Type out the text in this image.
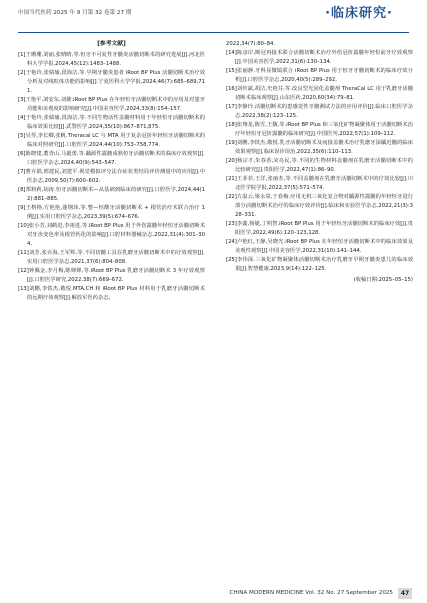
中国当代医药 2025 年 9 月第 32 卷第 27 期	·临床研究·

[参考文献]

[1]王珊珊,刘丽,张晴晴,等.恒牙不可复性牙髓炎活髓切断术的研究进展[J].河北医科大学学报,2024,45(12):1483–1488.

[2]于艳玲,张婧瑜,段海洁,等.早期牙髓炎患者 iRoot BP Plus 活髓切断术治疗效分析及对线粒体功能的影响[J].宁夏医科大学学报,2024,46(7):685–689,711.

[3]王艳平,刘安东,刘雄.iRoot BP Plus 在年轻恒牙活髓切断术中的应用及对患牙功能和美观度的影响研究[J].中国美容医学,2024,33(8):154–157.

[4]于艳玲,张婧瑜,段海洁,等.不同生物活性盖髓材料用于年轻恒牙活髓切断术的临床效果比较[J].武警医学,2024,35(10):867–871,875.

[5]吴琴,李长卿,张帆.Theracal LC 与 MTA 用于复杂冠折年轻恒牙活髓切断术的临床对照研究[J].口腔医学,2024,44(10):753–758,774.

[6]陈晓建,董青山,马毅蕾,等.龋源性露髓成熟恒牙活髓切断术的临床疗效观察[J].口腔医学杂志,2024,40(9):543–547.

[7]曹卉娟,邢建民,刘建平.视觉模拟评分法在症状类结局评价测量中的应用[J].中医杂志,2009,50(7):600–602.

[8]郑莉莉,胡涛.恒牙活髓切断术—从基础到临床的研究[J].口腔医学,2024,44(12):881–885.

[9]王格格,方艳艳,蓬纲玮,等.整—恒酸牙活髓切断术 + 根管治疗术联合治疗 1 例[J].实用口腔医学杂志,2023,39(5):674–676.

[10]张小芳,刘鹤进,李祖进,等.iRoot BP Plus 用于外伤露髓年轻恒牙活髓切断术对牙齿变色率及根管钙化的影响[J].口腔材料器械杂志,2022,31(4):301–304.

[11]刘芳,张百海,王军辉,等.不同切髓工具在乳磨牙活髓切断术中的疗效观察[J].实用口腔医学杂志,2021,37(6):804–808.

[12]钟佩金,李月梅,陈婵婵,等.iRoot BP Plus 乳磨牙活髓切断术 3 年疗效观察[J].口腔医学研究,2022,38(7):669–672.

[13]刘鹏,李铁杰,敬悦.MTA,CH 和 iRoot BP Plus 材料用于乳磨牙活髓切断术的远期疗效观察[J].解放军医药杂志,

2022,34(7):80–84.

[14]陈彦岸,断冠再接术联合活髓切断术治疗外伤冠折露髓年轻恒前牙疗效观察[J].中国美容医学,2022,31(6):130–134.

[15]张丽静.牙科显微镜联合 iRoot BP Plus 用于恒牙牙髓切断术的临床疗效分析[J].口腔医学杂志,2020,40(5):289–292.

[16]刘传斌,胡洁,史艳芬,等.改良型光固化盖髓剂 TheraCal LC 用于乳磨牙活髓切断术临床观察[J].山东医药,2020,60(34):79–81.

[17]李静玲.活髓切断术的患感觉性牙髓测试方法的应用评价[J].临床口腔医学杂志,2022,38(2):123–125.

[18]张翔龙,陈雪,王馥,等.iRoot BP Plus 和三氧化矿物凝聚体用于活髓切断术治疗年轻恒牙冠折露髓的临床研究[J].中国医刊,2022,57(1):109–112.

[19]刘鹏,李铁杰,敬悦.乳牙活髓切断术及间接盖髓术治疗乳磨牙深龋近髓的临床效果观察[J].临床误诊误治,2022,35(6):110–113.

[20]杨宗才,朱春香,宋亮民,等.不同的生物材料盖髓剂在乳磨牙活髓切断术中的比较研究[J].贵阳医学,2022,47(1):86–90.

[21]王菲菲,王洋,张丽杰,等.不同盖髓剂在乳磨牙活髓切断术中的疗效比较[J].川北医学院学报,2022,37(5):571–574.

[22]方温云,梁永棠,于春梅.应用无机三氧化复合物对龋源性露髓的年轻恒牙进行部分活髓切断术治疗的临床疗效评价[J].临床和实验医学杂志,2022,21(3):328–331.

[23]李鑫,杨婕,丁明智.iRoot BP Plus 用于年轻恒牙活髓切断术的临床疗效[J].贵阳医学,2022,49(6):120–123,128.

[24]卢艳红,王静,吴晓光.iRoot BP Plus 在年轻恒牙活髓切断术中的临床效果及美观性观察[J].中国美容医学,2022,31(10):141–144.

[25]李伟深.三氧化矿物凝聚体活髓切断术治疗乳磨牙早期牙髓炎患儿的临床效果[J].智慧健康,2023,9(14):122–125.

(收稿日期:2025–05–15)

CHINA MODERN MEDICINE Vol. 32 No. 27 September 2025	47
